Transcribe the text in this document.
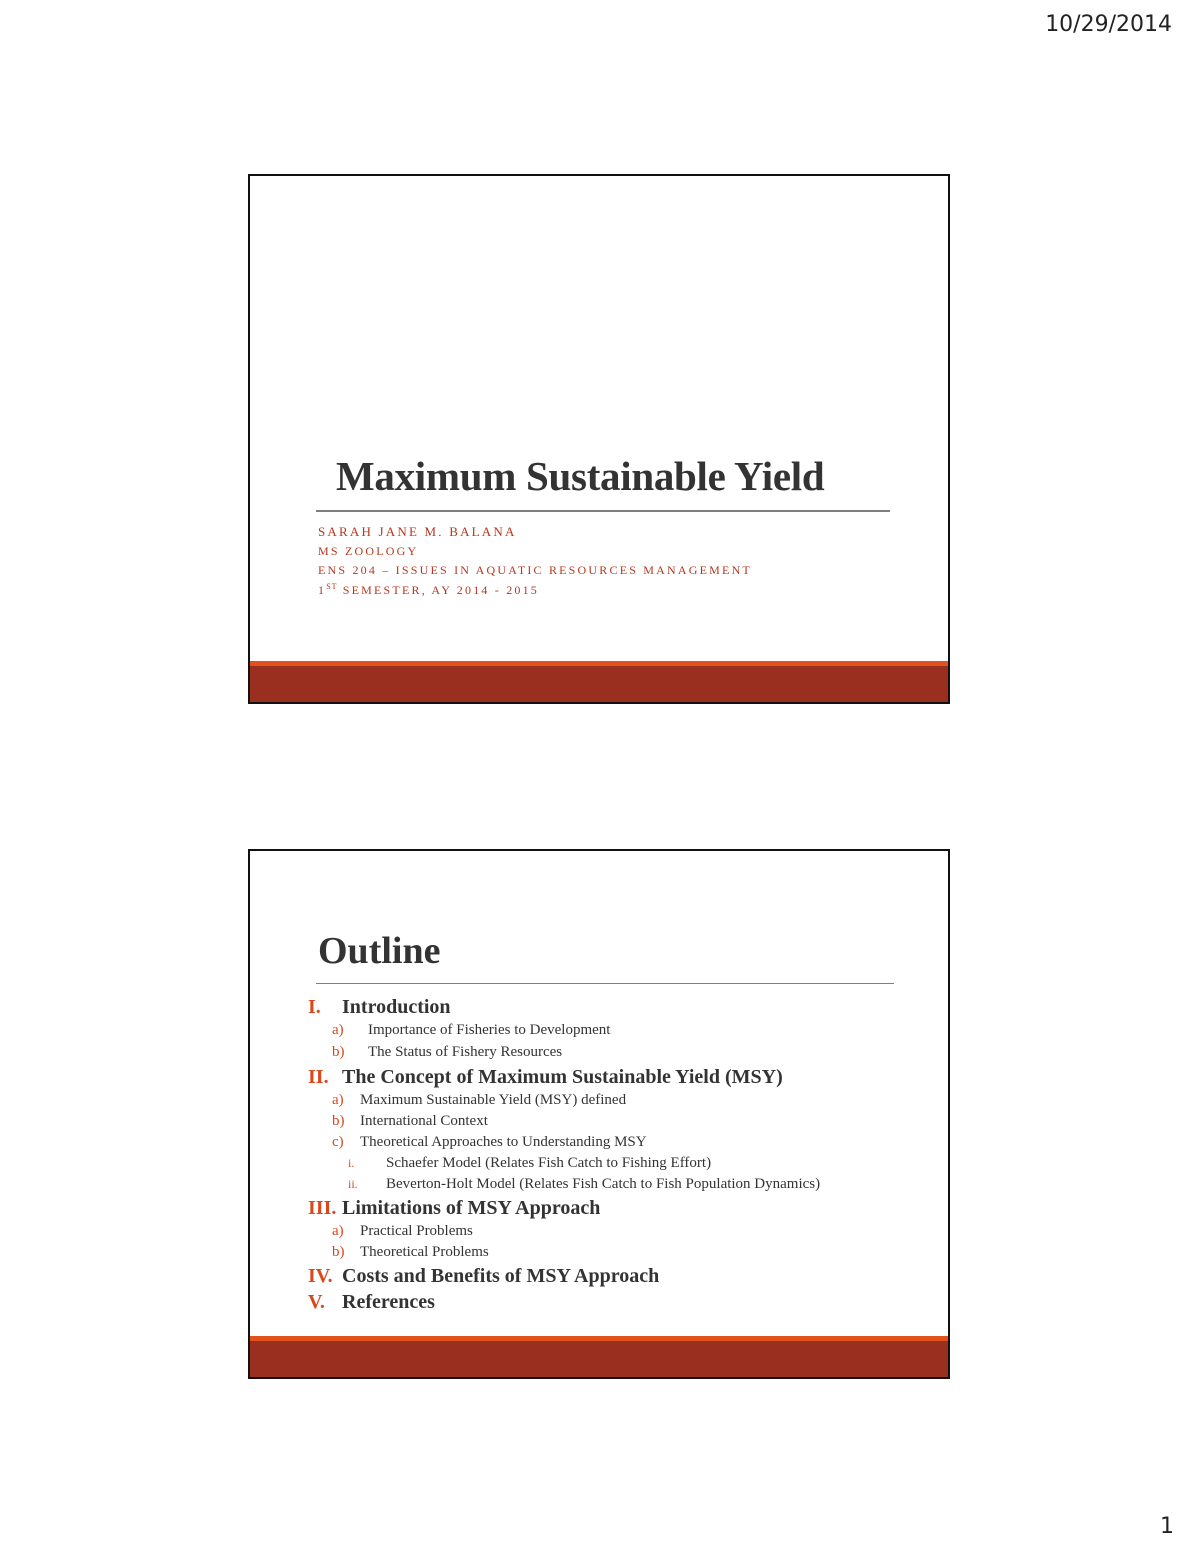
10/29/2014
Maximum Sustainable Yield
SARAH JANE M. BALANA
MS ZOOLOGY
ENS 204 – ISSUES IN AQUATIC RESOURCES MANAGEMENT
1ST SEMESTER, AY 2014 - 2015
Outline
I. Introduction
a) Importance of Fisheries to Development
b) The Status of Fishery Resources
II. The Concept of Maximum Sustainable Yield (MSY)
a) Maximum Sustainable Yield (MSY) defined
b) International Context
c) Theoretical Approaches to Understanding MSY
i. Schaefer Model (Relates Fish Catch to Fishing Effort)
ii. Beverton-Holt Model (Relates Fish Catch to Fish Population Dynamics)
III. Limitations of MSY Approach
a) Practical Problems
b) Theoretical Problems
IV. Costs and Benefits of MSY Approach
V. References
1
